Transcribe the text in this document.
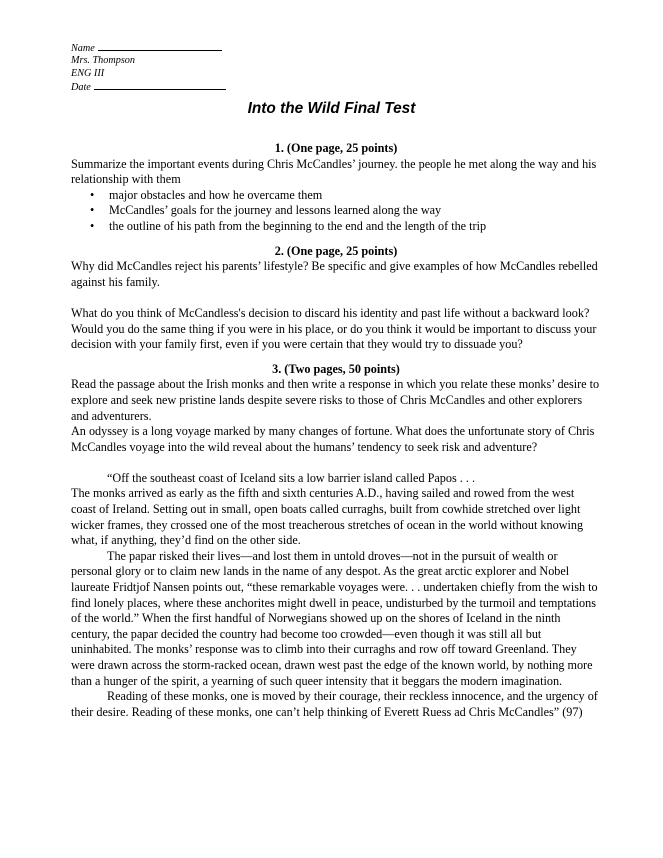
Name
Mrs. Thompson
ENG III
Date
Into the Wild Final Test
1. (One page, 25 points)

Summarize the important events during Chris McCandles’ journey. the people he met along the way and his relationship with them

• major obstacles and how he overcame them
• McCandles’ goals for the journey and lessons learned along the way
• the outline of his path from the beginning to the end and the length of the trip
2. (One page, 25 points)

Why did McCandles reject his parents’ lifestyle? Be specific and give examples of how McCandles rebelled against his family.

What do you think of McCandless's decision to discard his identity and past life without a backward look? Would you do the same thing if you were in his place, or do you think it would be important to discuss your decision with your family first, even if you were certain that they would try to dissuade you?

3. (Two pages, 50 points)

Read the passage about the Irish monks and then write a response in which you relate these monks’ desire to explore and seek new pristine lands despite severe risks to those of Chris McCandles and other explorers and adventurers.

An odyssey is a long voyage marked by many changes of fortune. What does the unfortunate story of Chris McCandles voyage into the wild reveal about the humans’ tendency to seek risk and adventure?

“Off the southeast coast of Iceland sits a low barrier island called Papos . . .

The monks arrived as early as the fifth and sixth centuries A.D., having sailed and rowed from the west coast of Ireland. Setting out in small, open boats called curraghs, built from cowhide stretched over light wicker frames, they crossed one of the most treacherous stretches of ocean in the world without knowing what, if anything, they’d find on the other side.

The papar risked their lives—and lost them in untold droves—not in the pursuit of wealth or personal glory or to claim new lands in the name of any despot. As the great arctic explorer and Nobel laureate Fridtjof Nansen points out, “these remarkable voyages were. . . undertaken chiefly from the wish to find lonely places, where these anchorites might dwell in peace, undisturbed by the turmoil and temptations of the world.” When the first handful of Norwegians showed up on the shores of Iceland in the ninth century, the papar decided the country had become too crowded—even though it was still all but uninhabited. The monks’ response was to climb into their curraghs and row off toward Greenland. They were drawn across the storm-racked ocean, drawn west past the edge of the known world, by nothing more than a hunger of the spirit, a yearning of such queer intensity that it beggars the modern imagination.

Reading of these monks, one is moved by their courage, their reckless innocence, and the urgency of their desire. Reading of these monks, one can’t help thinking of Everett Ruess ad Chris McCandles” (97)
